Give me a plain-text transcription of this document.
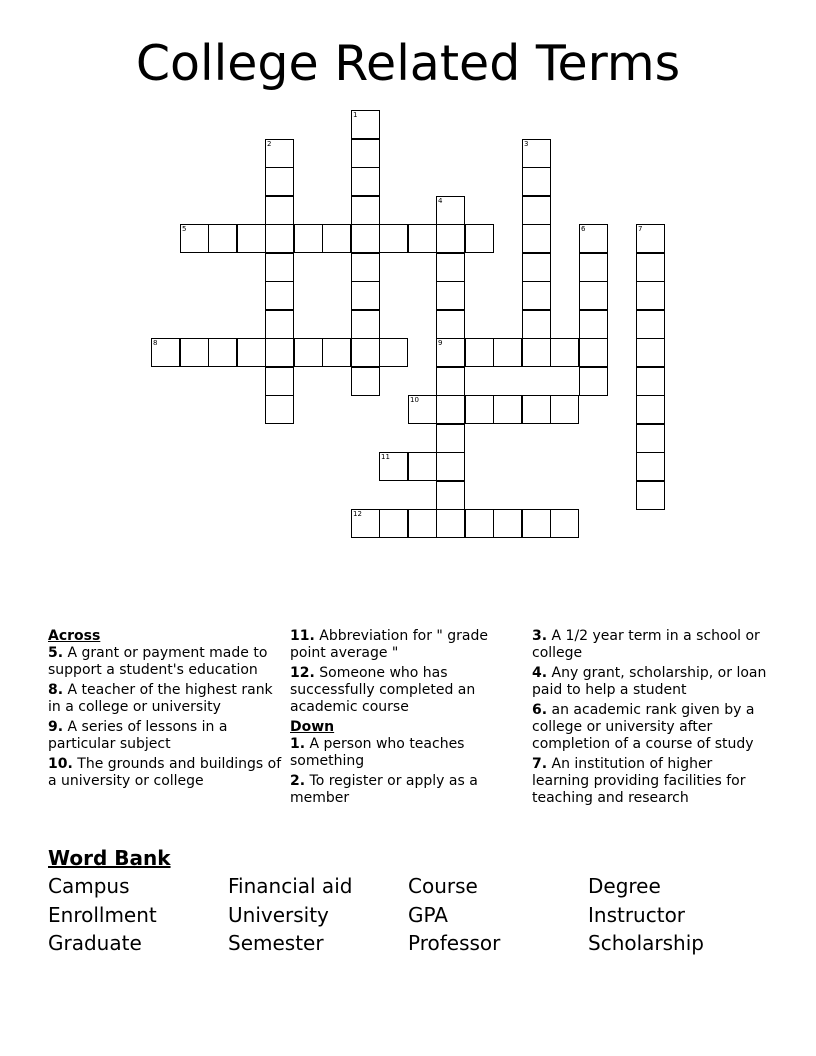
College Related Terms
1
2	3
4
5	6	7
8	9
10
11
12
Across
5. A grant or payment made to support a student's education
8. A teacher of the highest rank in a college or university
9. A series of lessons in a particular subject
10. The grounds and buildings of a university or college
11. Abbreviation for " grade point average "
12. Someone who has successfully completed an academic course
Down
1. A person who teaches something
2. To register or apply as a member
3. A 1/2 year term in a school or college
4. Any grant, scholarship, or loan paid to help a student
6. an academic rank given by a college or university after completion of a course of study
7. An institution of higher learning providing facilities for teaching and research
Word Bank
Campus	Financial aid	Course	Degree
Enrollment	University	GPA	Instructor
Graduate	Semester	Professor	Scholarship
